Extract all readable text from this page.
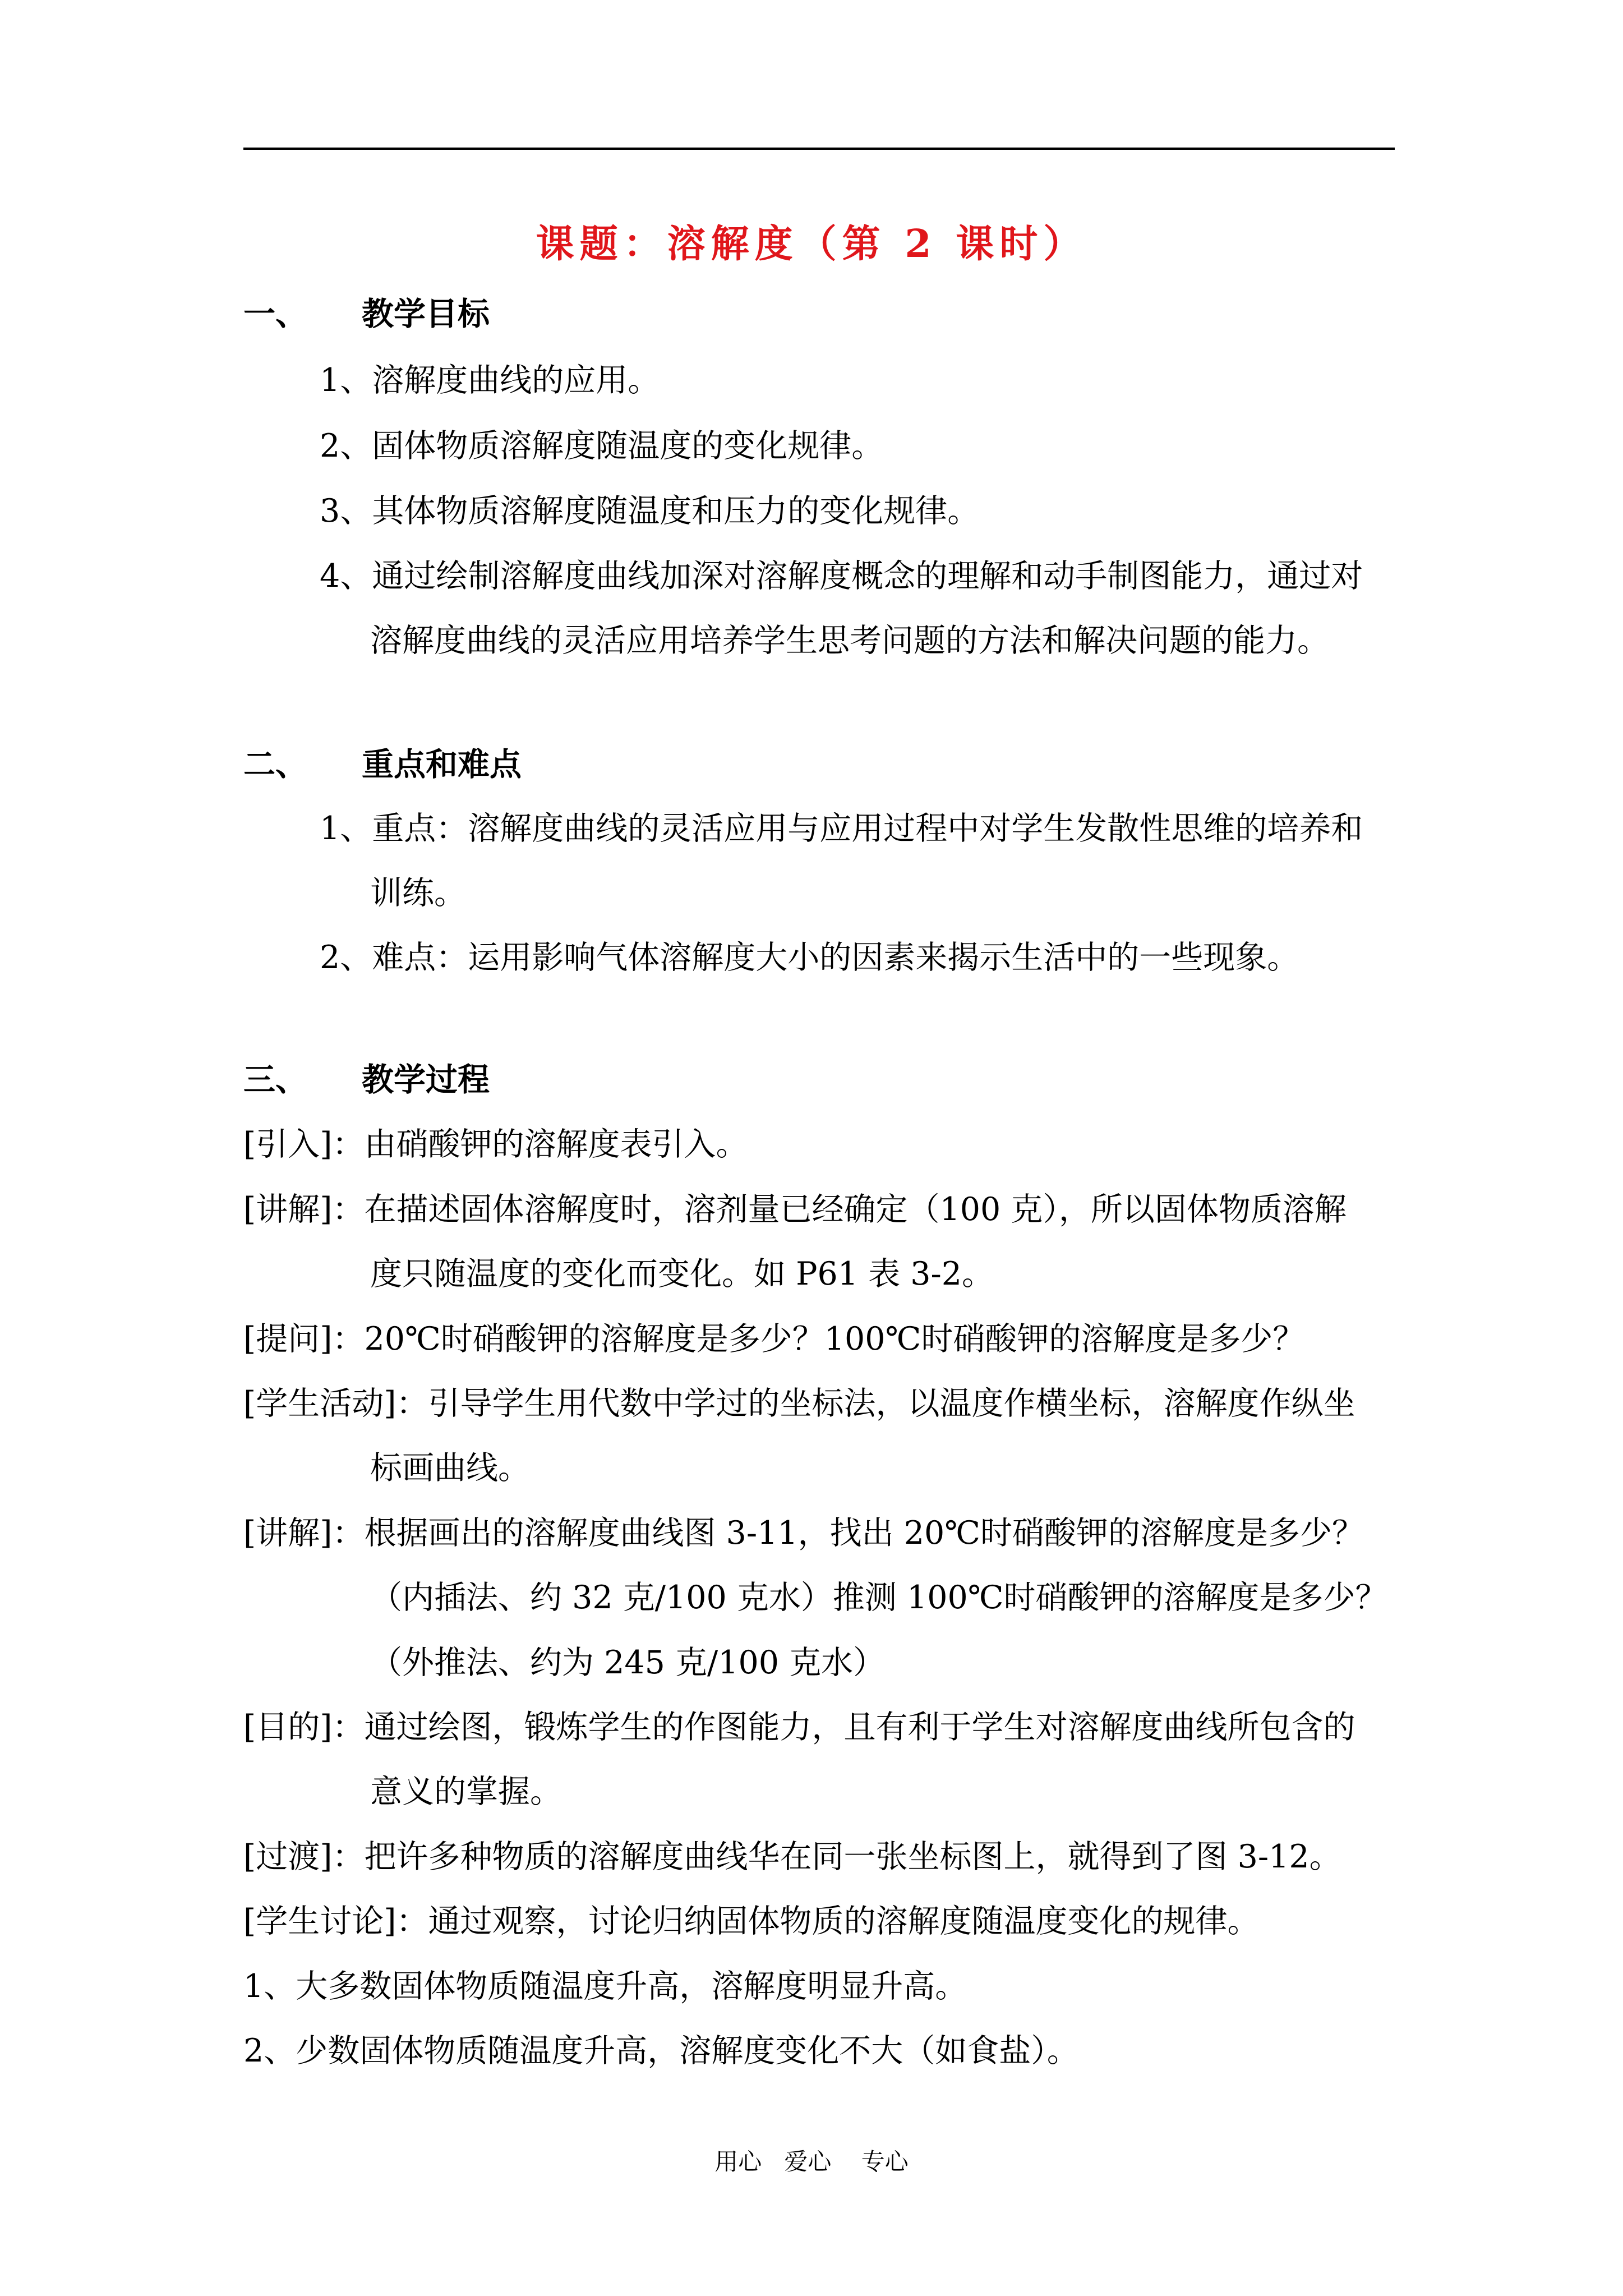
课题：溶解度（第 2 课时）
一、 教学目标
1、溶解度曲线的应用。
2、固体物质溶解度随温度的变化规律。
3、其体物质溶解度随温度和压力的变化规律。
4、通过绘制溶解度曲线加深对溶解度概念的理解和动手制图能力，通过对
溶解度曲线的灵活应用培养学生思考问题的方法和解决问题的能力。
二、 重点和难点
1、重点：溶解度曲线的灵活应用与应用过程中对学生发散性思维的培养和
训练。
2、难点：运用影响气体溶解度大小的因素来揭示生活中的一些现象。
三、 教学过程
[引入]：由硝酸钾的溶解度表引入。
[讲解]：在描述固体溶解度时，溶剂量已经确定（100 克），所以固体物质溶解
度只随温度的变化而变化。如 P61 表 3-2。
[提问]：20℃时硝酸钾的溶解度是多少？100℃时硝酸钾的溶解度是多少？
[学生活动]：引导学生用代数中学过的坐标法，以温度作横坐标，溶解度作纵坐
标画曲线。
[讲解]：根据画出的溶解度曲线图 3-11，找出 20℃时硝酸钾的溶解度是多少？
（内插法、约 32 克/100 克水）推测 100℃时硝酸钾的溶解度是多少？
（外推法、约为 245 克/100 克水）
[目的]：通过绘图，锻炼学生的作图能力，且有利于学生对溶解度曲线所包含的
意义的掌握。
[过渡]：把许多种物质的溶解度曲线华在同一张坐标图上，就得到了图 3-12。
[学生讨论]：通过观察，讨论归纳固体物质的溶解度随温度变化的规律。
1、大多数固体物质随温度升高，溶解度明显升高。
2、少数固体物质随温度升高，溶解度变化不大（如食盐）。
用心   爱心    专心
